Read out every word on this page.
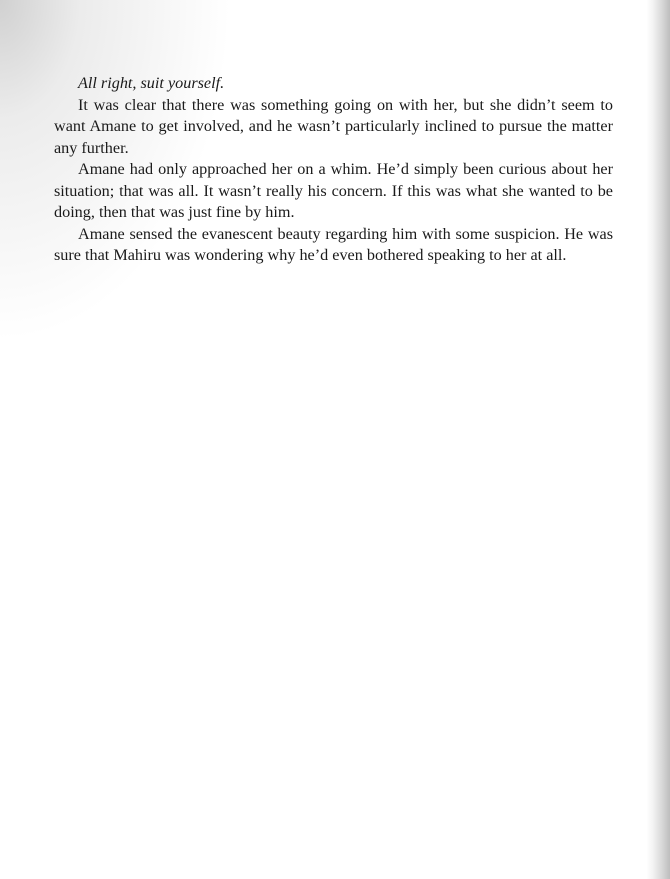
All right, suit yourself.

It was clear that there was something going on with her, but she didn’t seem to want Amane to get involved, and he wasn’t particularly inclined to pursue the matter any further.

Amane had only approached her on a whim. He’d simply been curious about her situation; that was all. It wasn’t really his concern. If this was what she wanted to be doing, then that was just fine by him.

Amane sensed the evanescent beauty regarding him with some suspicion. He was sure that Mahiru was wondering why he’d even bothered speaking to her at all.
